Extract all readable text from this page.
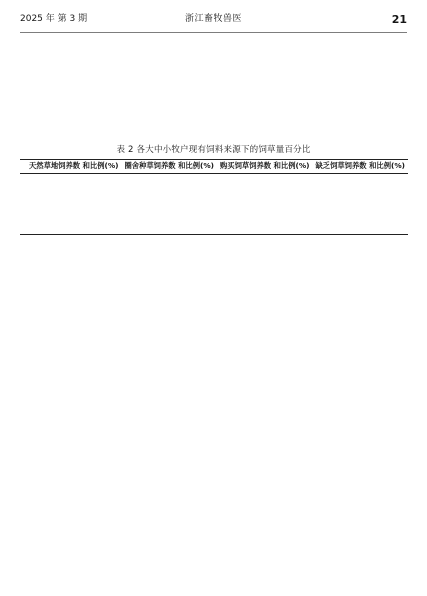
2025 年 第 3 期	浙江畜牧兽医	21

表 2 各大中小牧户现有饲料来源下的饲草量百分比
	天然草地饲养数 和比例(%)	圈舍种草饲养数 和比例(%)	购买饲草饲养数 和比例(%)	缺乏饲草饲养数 和比例(%)
